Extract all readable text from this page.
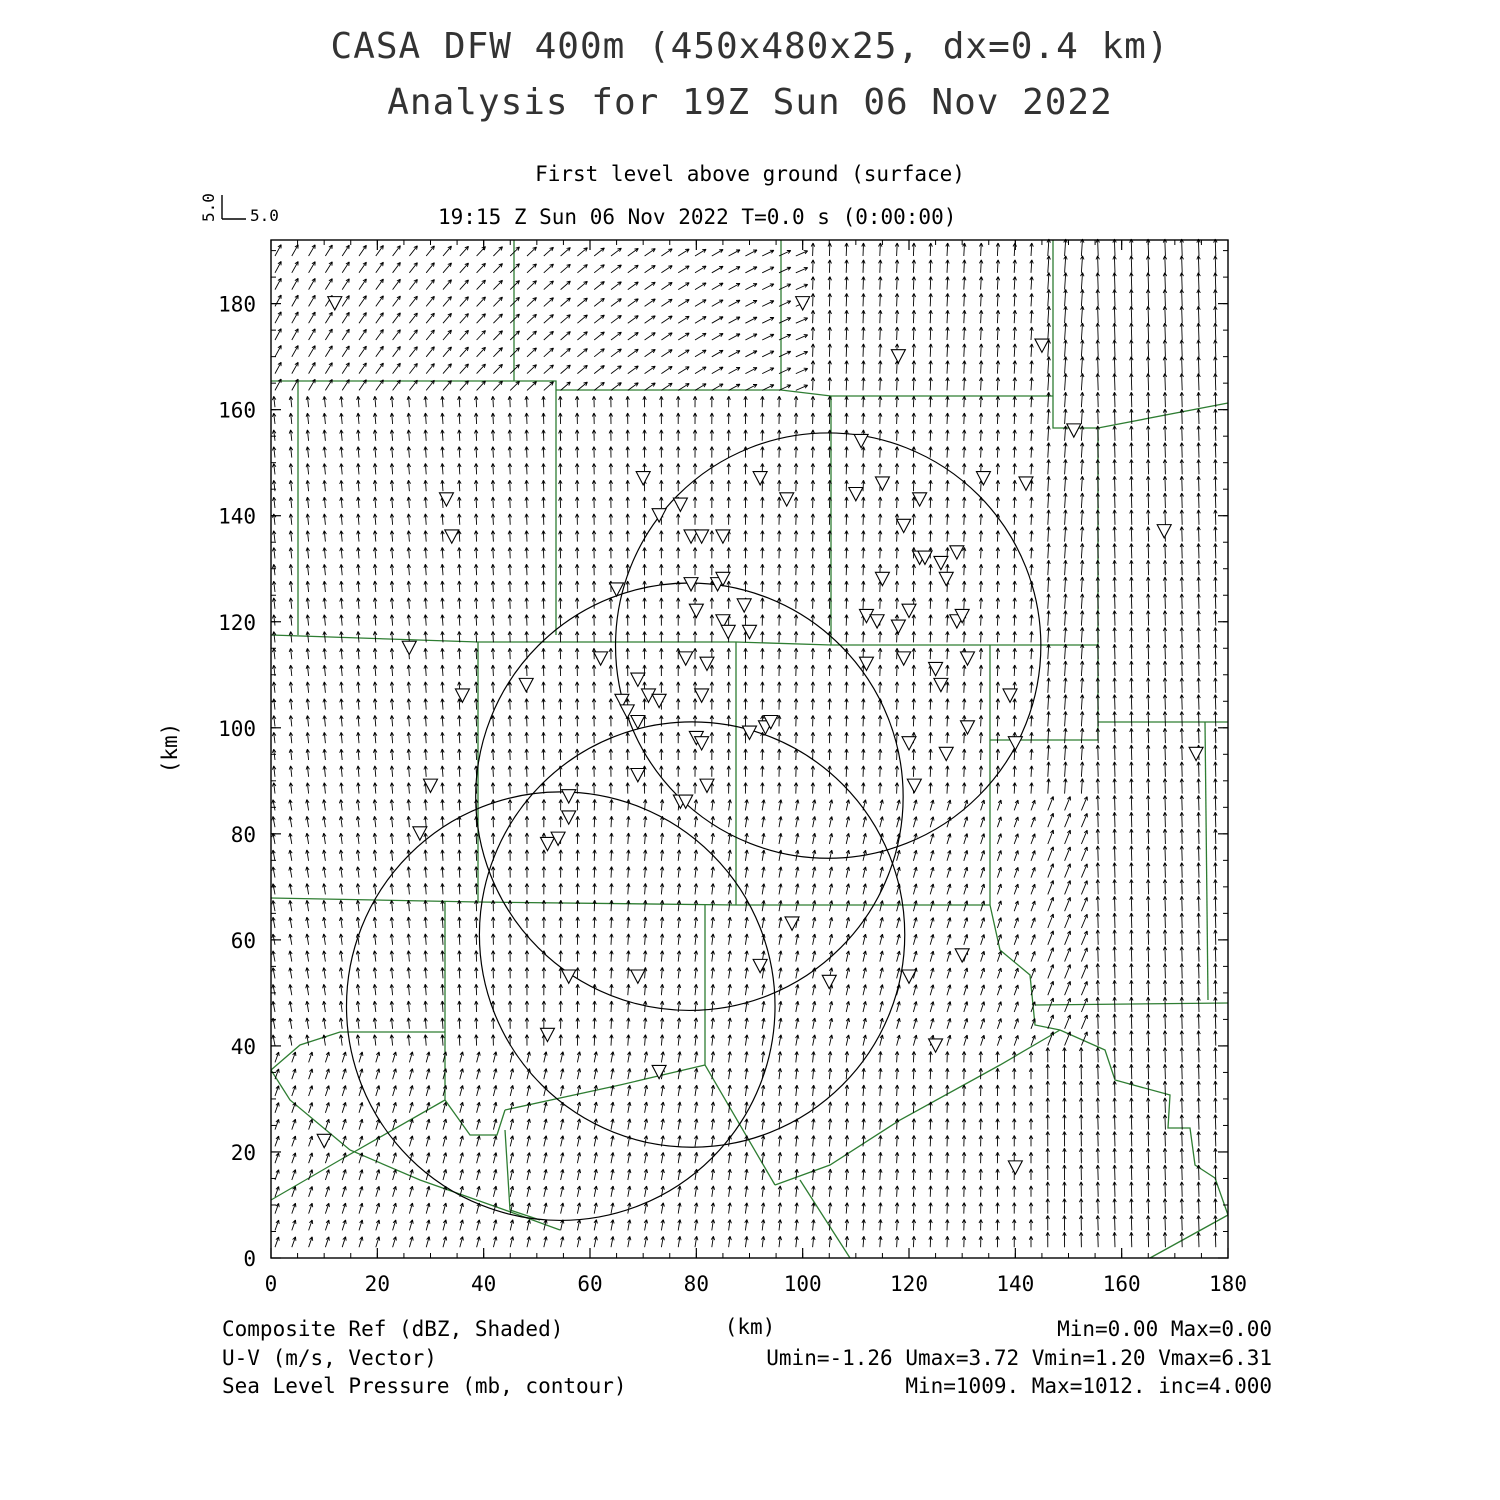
CASA DFW 400m (450x480x25, dx=0.4 km)
Analysis for 19Z Sun 06 Nov 2022
First level above ground (surface)
19:15 Z Sun 06 Nov 2022 T=0.0 s (0:00:00)
5.0
5.0
0	20	40	60	80	100	120	140	160	180
0
20
40
60
80
100
120
140
160
180
(km)
(km)
Composite Ref (dBZ, Shaded)	Min=0.00 Max=0.00
U-V (m/s, Vector)	Umin=-1.26 Umax=3.72 Vmin=1.20 Vmax=6.31
Sea Level Pressure (mb, contour)	Min=1009. Max=1012. inc=4.000
